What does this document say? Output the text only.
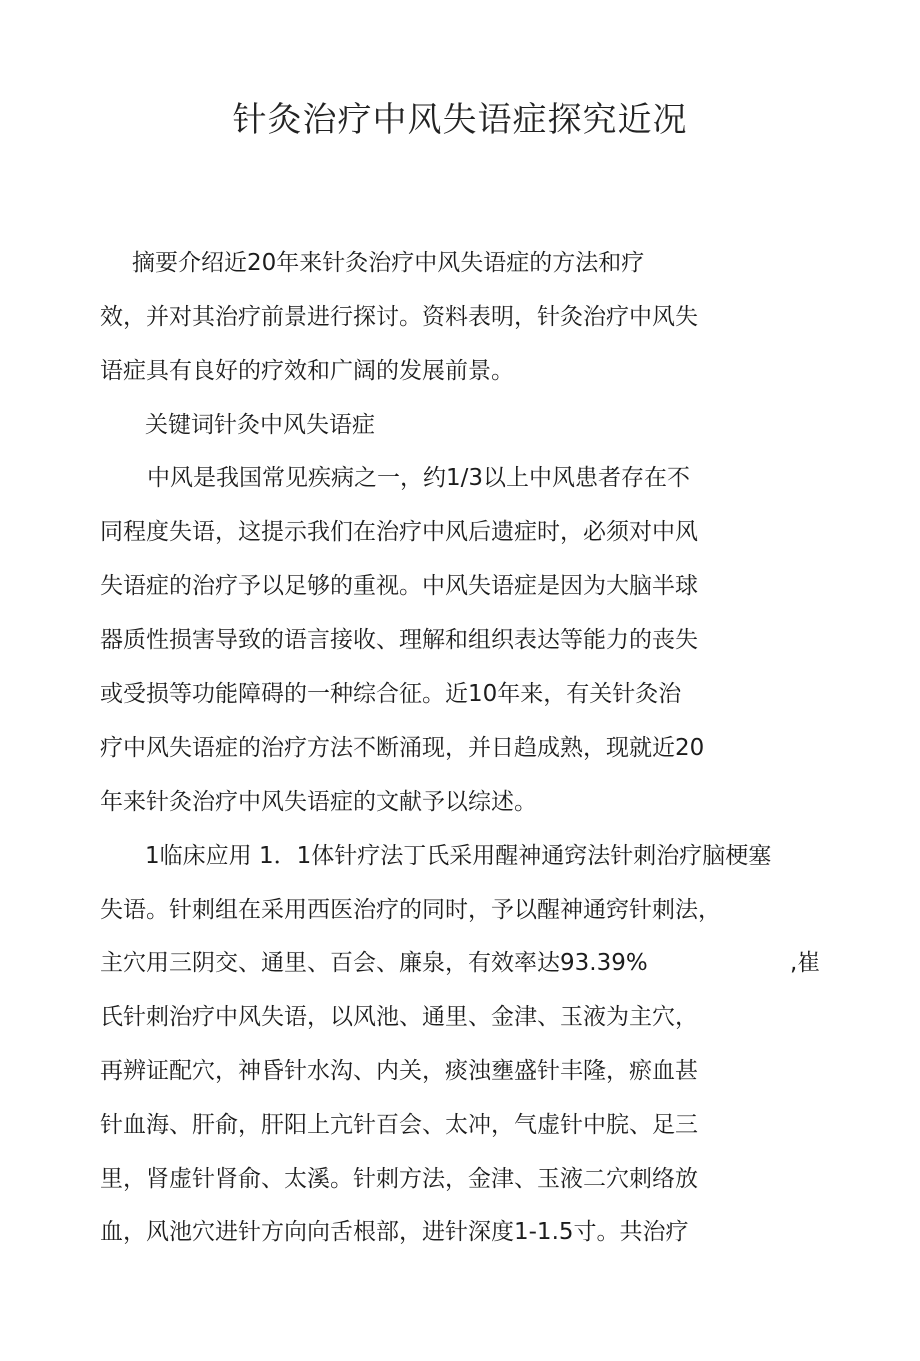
针灸治疗中风失语症探究近况
摘要介绍近20年来针灸治疗中风失语症的方法和疗
效，并对其治疗前景进行探讨。资料表明，针灸治疗中风失
语症具有良好的疗效和广阔的发展前景。
关键词针灸中风失语症
中风是我国常见疾病之一，约1/3以上中风患者存在不
同程度失语，这提示我们在治疗中风后遗症时，必须对中风
失语症的治疗予以足够的重视。中风失语症是因为大脑半球
器质性损害导致的语言接收、理解和组织表达等能力的丧失
或受损等功能障碍的一种综合征。近10年来，有关针灸治
疗中风失语症的治疗方法不断涌现，并日趋成熟，现就近20
年来针灸治疗中风失语症的文献予以综述。
1临床应用 1．1体针疗法丁氏采用醒神通窍法针刺治疗脑梗塞
失语。针刺组在采用西医治疗的同时，予以醒神通窍针刺法，
主穴用三阴交、通里、百会、廉泉，有效率达93.39%	,崔
氏针刺治疗中风失语，以风池、通里、金津、玉液为主穴，
再辨证配穴，神昏针水沟、内关，痰浊壅盛针丰隆，瘀血甚
针血海、肝俞，肝阳上亢针百会、太冲，气虚针中脘、足三
里，肾虚针肾俞、太溪。针刺方法，金津、玉液二穴刺络放
血，风池穴进针方向向舌根部，进针深度1-1.5寸。共治疗
